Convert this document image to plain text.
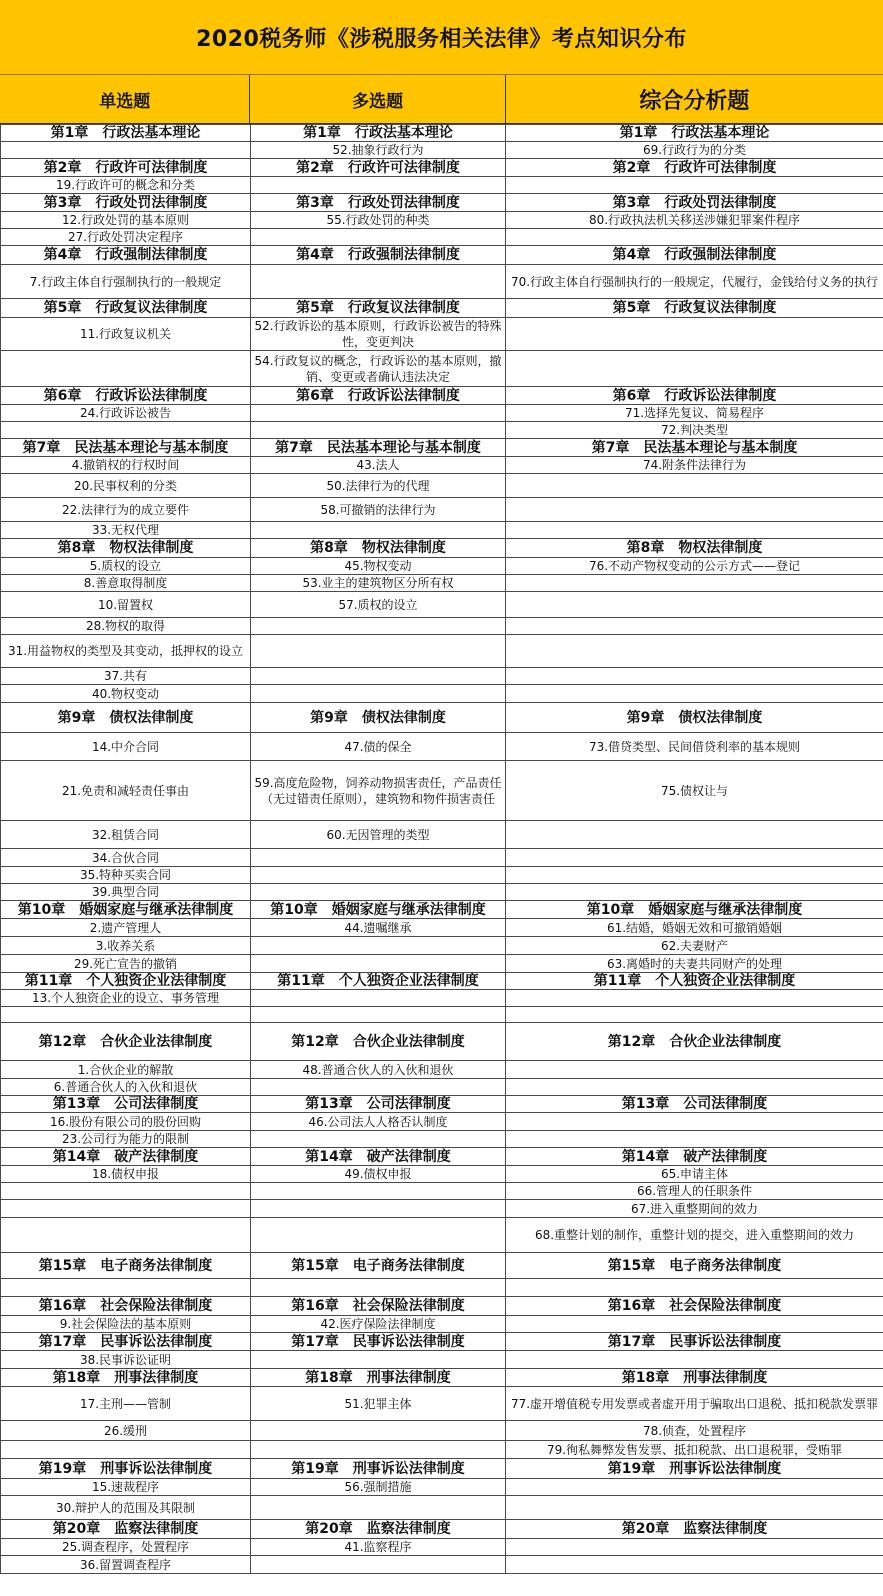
2020税务师《涉税服务相关法律》考点知识分布
单选题	多选题	综合分析题
第1章　行政法基本理论	第1章　行政法基本理论	第1章　行政法基本理论
	52.抽象行政行为	69.行政行为的分类
第2章　行政许可法律制度	第2章　行政许可法律制度	第2章　行政许可法律制度
19.行政许可的概念和分类		
第3章　行政处罚法律制度	第3章　行政处罚法律制度	第3章　行政处罚法律制度
12.行政处罚的基本原则	55.行政处罚的种类	80.行政执法机关移送涉嫌犯罪案件程序
27.行政处罚决定程序		
第4章　行政强制法律制度	第4章　行政强制法律制度	第4章　行政强制法律制度
7.行政主体自行强制执行的一般规定		70.行政主体自行强制执行的一般规定，代履行，金钱给付义务的执行
第5章　行政复议法律制度	第5章　行政复议法律制度	第5章　行政复议法律制度
11.行政复议机关	52.行政诉讼的基本原则，行政诉讼被告的特殊性，变更判决	
	54.行政复议的概念，行政诉讼的基本原则，撤销、变更或者确认违法决定	
第6章　行政诉讼法律制度	第6章　行政诉讼法律制度	第6章　行政诉讼法律制度
24.行政诉讼被告		71.选择先复议、简易程序
		72.判决类型
第7章　民法基本理论与基本制度	第7章　民法基本理论与基本制度	第7章　民法基本理论与基本制度
4.撤销权的行权时间	43.法人	74.附条件法律行为
20.民事权利的分类	50.法律行为的代理	
22.法律行为的成立要件	58.可撤销的法律行为	
33.无权代理		
第8章　物权法律制度	第8章　物权法律制度	第8章　物权法律制度
5.质权的设立	45.物权变动	76.不动产物权变动的公示方式——登记
8.善意取得制度	53.业主的建筑物区分所有权	
10.留置权	57.质权的设立	
28.物权的取得		
31.用益物权的类型及其变动，抵押权的设立		
37.共有		
40.物权变动		
第9章　债权法律制度	第9章　债权法律制度	第9章　债权法律制度
14.中介合同	47.债的保全	73.借贷类型、民间借贷利率的基本规则
21.免责和减轻责任事由	59.高度危险物，饲养动物损害责任，产品责任（无过错责任原则），建筑物和物件损害责任	75.债权让与
32.租赁合同	60.无因管理的类型	
34.合伙合同		
35.特种买卖合同		
39.典型合同		
第10章　婚姻家庭与继承法律制度	第10章　婚姻家庭与继承法律制度	第10章　婚姻家庭与继承法律制度
2.遗产管理人	44.遗嘱继承	61.结婚，婚姻无效和可撤销婚姻
3.收养关系		62.夫妻财产
29.死亡宣告的撤销		63.离婚时的夫妻共同财产的处理
第11章　个人独资企业法律制度	第11章　个人独资企业法律制度	第11章　个人独资企业法律制度
13.个人独资企业的设立、事务管理		

第12章　合伙企业法律制度	第12章　合伙企业法律制度	第12章　合伙企业法律制度
1.合伙企业的解散	48.普通合伙人的入伙和退伙	
6.普通合伙人的入伙和退伙		
第13章　公司法律制度	第13章　公司法律制度	第13章　公司法律制度
16.股份有限公司的股份回购	46.公司法人人格否认制度	
23.公司行为能力的限制		
第14章　破产法律制度	第14章　破产法律制度	第14章　破产法律制度
18.债权申报	49.债权申报	65.申请主体
		66.管理人的任职条件
		67.进入重整期间的效力
		68.重整计划的制作，重整计划的提交，进入重整期间的效力
第15章　电子商务法律制度	第15章　电子商务法律制度	第15章　电子商务法律制度

第16章　社会保险法律制度	第16章　社会保险法律制度	第16章　社会保险法律制度
9.社会保险法的基本原则	42.医疗保险法律制度	
第17章　民事诉讼法律制度	第17章　民事诉讼法律制度	第17章　民事诉讼法律制度
38.民事诉讼证明		
第18章　刑事法律制度	第18章　刑事法律制度	第18章　刑事法律制度
17.主刑——管制	51.犯罪主体	77.虚开增值税专用发票或者虚开用于骗取出口退税、抵扣税款发票罪
26.缓刑		78.侦查，处置程序
		79.徇私舞弊发售发票、抵扣税款、出口退税罪，受贿罪
第19章　刑事诉讼法律制度	第19章　刑事诉讼法律制度	第19章　刑事诉讼法律制度
15.速裁程序	56.强制措施	
30.辩护人的范围及其限制		
第20章　监察法律制度	第20章　监察法律制度	第20章　监察法律制度
25.调查程序，处置程序	41.监察程序	
36.留置调查程序		
